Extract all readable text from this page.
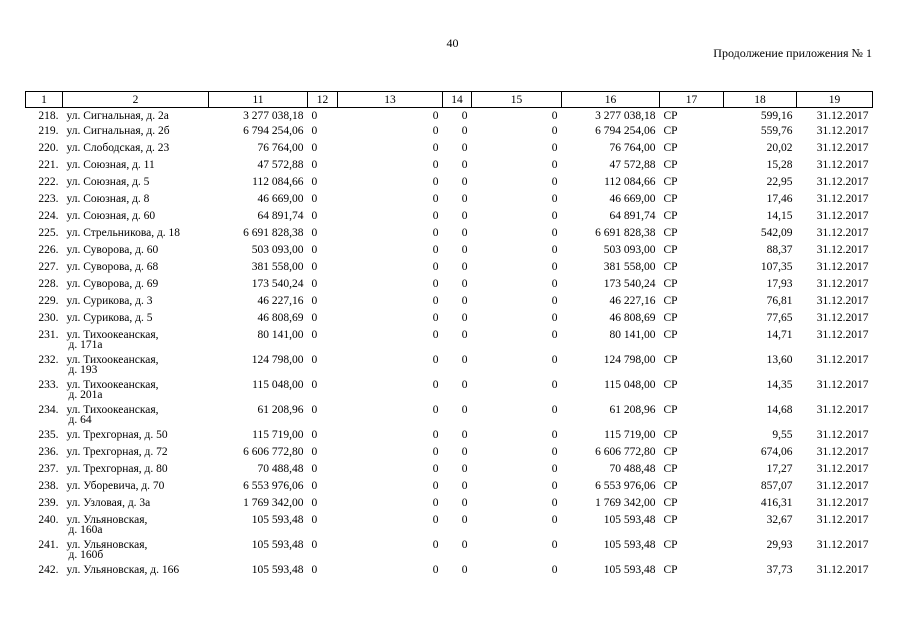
40
Продолжение приложения № 1
1	2	11	12	13	14	15	16	17	18	19
218.	ул. Сигнальная, д. 2а	3 277 038,18	0	0	0	0	3 277 038,18	СР	599,16	31.12.2017
219.	ул. Сигнальная, д. 2б	6 794 254,06	0	0	0	0	6 794 254,06	СР	559,76	31.12.2017
220.	ул. Слободская, д. 23	76 764,00	0	0	0	0	76 764,00	СР	20,02	31.12.2017
221.	ул. Союзная, д. 11	47 572,88	0	0	0	0	47 572,88	СР	15,28	31.12.2017
222.	ул. Союзная, д. 5	112 084,66	0	0	0	0	112 084,66	СР	22,95	31.12.2017
223.	ул. Союзная, д. 8	46 669,00	0	0	0	0	46 669,00	СР	17,46	31.12.2017
224.	ул. Союзная, д. 60	64 891,74	0	0	0	0	64 891,74	СР	14,15	31.12.2017
225.	ул. Стрельникова, д. 18	6 691 828,38	0	0	0	0	6 691 828,38	СР	542,09	31.12.2017
226.	ул. Суворова, д. 60	503 093,00	0	0	0	0	503 093,00	СР	88,37	31.12.2017
227.	ул. Суворова, д. 68	381 558,00	0	0	0	0	381 558,00	СР	107,35	31.12.2017
228.	ул. Суворова, д. 69	173 540,24	0	0	0	0	173 540,24	СР	17,93	31.12.2017
229.	ул. Сурикова, д. 3	46 227,16	0	0	0	0	46 227,16	СР	76,81	31.12.2017
230.	ул. Сурикова, д. 5	46 808,69	0	0	0	0	46 808,69	СР	77,65	31.12.2017
231.	ул. Тихоокеанская,
д. 171а	80 141,00	0	0	0	0	80 141,00	СР	14,71	31.12.2017
232.	ул. Тихоокеанская,
д. 193	124 798,00	0	0	0	0	124 798,00	СР	13,60	31.12.2017
233.	ул. Тихоокеанская,
д. 201а	115 048,00	0	0	0	0	115 048,00	СР	14,35	31.12.2017
234.	ул. Тихоокеанская,
д. 64	61 208,96	0	0	0	0	61 208,96	СР	14,68	31.12.2017
235.	ул. Трехгорная, д. 50	115 719,00	0	0	0	0	115 719,00	СР	9,55	31.12.2017
236.	ул. Трехгорная, д. 72	6 606 772,80	0	0	0	0	6 606 772,80	СР	674,06	31.12.2017
237.	ул. Трехгорная, д. 80	70 488,48	0	0	0	0	70 488,48	СР	17,27	31.12.2017
238.	ул. Уборевича, д. 70	6 553 976,06	0	0	0	0	6 553 976,06	СР	857,07	31.12.2017
239.	ул. Узловая, д. 3а	1 769 342,00	0	0	0	0	1 769 342,00	СР	416,31	31.12.2017
240.	ул. Ульяновская,
д. 160а	105 593,48	0	0	0	0	105 593,48	СР	32,67	31.12.2017
241.	ул. Ульяновская,
д. 160б	105 593,48	0	0	0	0	105 593,48	СР	29,93	31.12.2017
242.	ул. Ульяновская, д. 166	105 593,48	0	0	0	0	105 593,48	СР	37,73	31.12.2017
